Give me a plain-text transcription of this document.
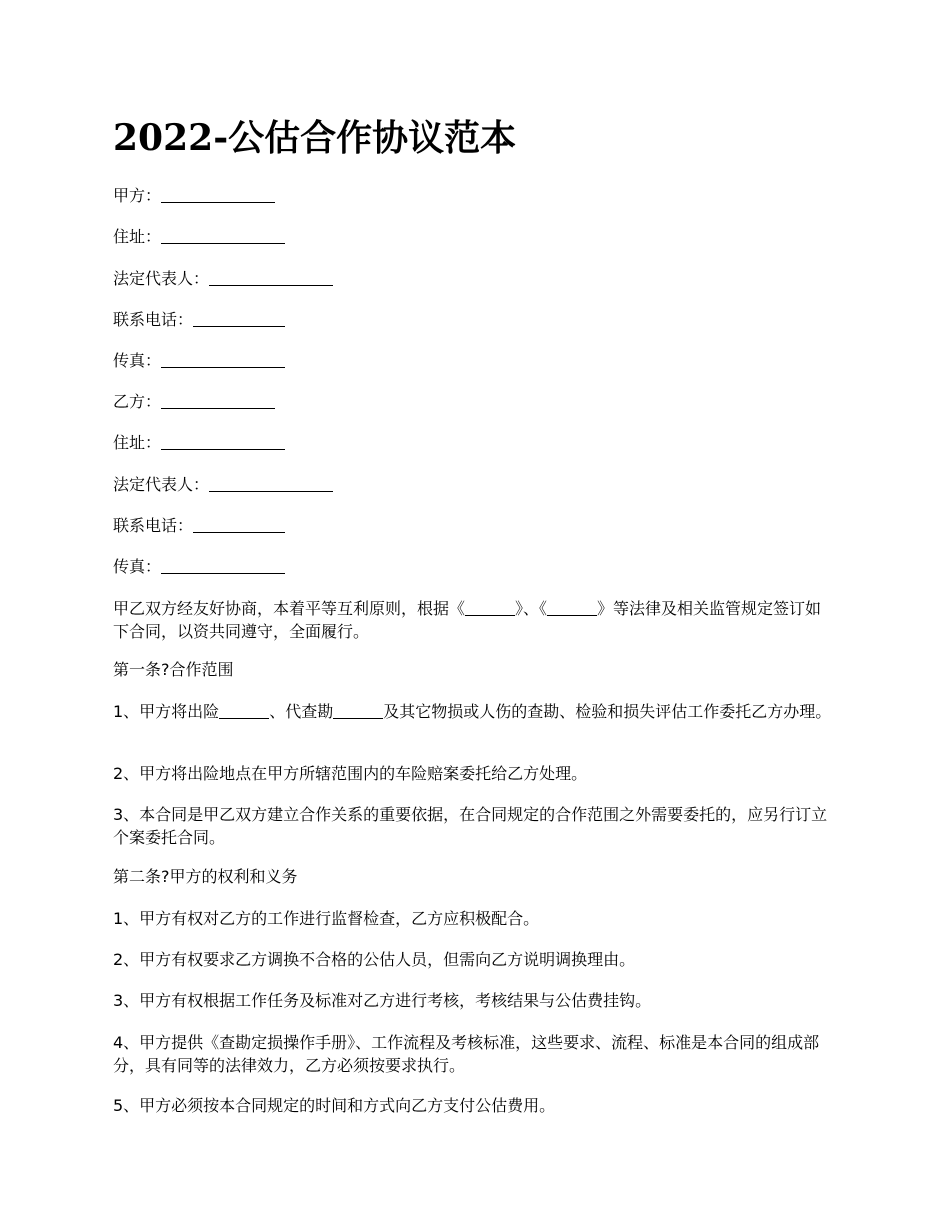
2022-公估合作协议范本

甲方：

住址：

法定代表人：

联系电话：

传真：

乙方：

住址：

法定代表人：

联系电话：

传真：

甲乙双方经友好协商，本着平等互利原则，根据《	》、《	》等法律及相关监管规定签订如下合同，以资共同遵守，全面履行。

第一条?合作范围

1、甲方将出险	、代查勘	及其它物损或人伤的查勘、检验和损失评估工作委托乙方办理。

2、甲方将出险地点在甲方所辖范围内的车险赔案委托给乙方处理。

3、本合同是甲乙双方建立合作关系的重要依据，在合同规定的合作范围之外需要委托的，应另行订立个案委托合同。

第二条?甲方的权利和义务

1、甲方有权对乙方的工作进行监督检查，乙方应积极配合。

2、甲方有权要求乙方调换不合格的公估人员，但需向乙方说明调换理由。

3、甲方有权根据工作任务及标准对乙方进行考核，考核结果与公估费挂钩。

4、甲方提供《查勘定损操作手册》、工作流程及考核标准，这些要求、流程、标准是本合同的组成部分，具有同等的法律效力，乙方必须按要求执行。

5、甲方必须按本合同规定的时间和方式向乙方支付公估费用。
